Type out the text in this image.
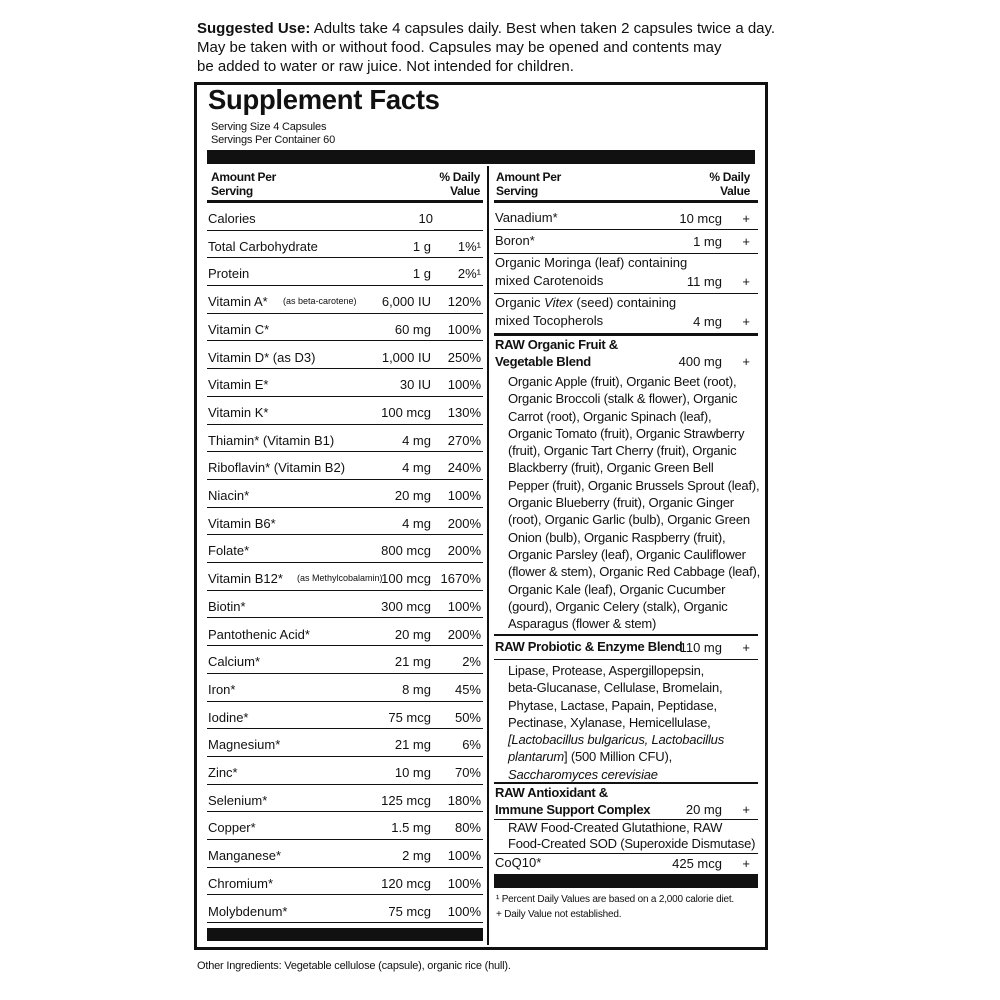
Suggested Use: Adults take 4 capsules daily. Best when taken 2 capsules twice a day.
May be taken with or without food. Capsules may be opened and contents may
be added to water or raw juice. Not intended for children.
Supplement Facts
Serving Size 4 Capsules
Servings Per Container 60
Amount Per
Serving
% Daily
Value
Calories	10
Total Carbohydrate	1 g 1%¹
Protein	1 g 2%¹
Vitamin A* (as beta-carotene) 6,000 IU 120%
Vitamin C*	60 mg 100%
Vitamin D* (as D3)	1,000 IU 250%
Vitamin E*	30 IU 100%
Vitamin K*	100 mcg 130%
Thiamin* (Vitamin B1)	4 mg 270%
Riboflavin* (Vitamin B2)	4 mg 240%
Niacin*	20 mg 100%
Vitamin B6*	4 mg 200%
Folate*	800 mcg 200%
Vitamin B12* (as Methylcobalamin)
100 mcg 1670%
Biotin*	300 mcg 100%
Pantothenic Acid*	20 mg 200%
Calcium*	21 mg 2%
Iron*	8 mg 45%
Iodine*	75 mcg 50%
Magnesium*	21 mg 6%
Zinc*	10 mg 70%
Selenium*	125 mcg 180%
Copper*	1.5 mg 80%
Manganese*	2 mg 100%
Chromium*	120 mcg 100%
Molybdenum*	75 mcg 100%
Amount Per
Serving
% Daily
Value
Vanadium*	10 mcg +
Boron*	1 mg +
Organic Moringa (leaf) containing
mixed Carotenoids	11 mg +
Organic Vitex (seed) containing
mixed Tocopherols	4 mg +
RAW Organic Fruit &
Vegetable Blend	400 mg +
Organic Apple (fruit), Organic Beet (root),
Organic Broccoli (stalk & flower), Organic
Carrot (root), Organic Spinach (leaf),
Organic Tomato (fruit), Organic Strawberry
(fruit), Organic Tart Cherry (fruit), Organic
Blackberry (fruit), Organic Green Bell
Pepper (fruit), Organic Brussels Sprout (leaf),
Organic Blueberry (fruit), Organic Ginger
(root), Organic Garlic (bulb), Organic Green
Onion (bulb), Organic Raspberry (fruit),
Organic Parsley (leaf), Organic Cauliflower
(flower & stem), Organic Red Cabbage (leaf),
Organic Kale (leaf), Organic Cucumber
(gourd), Organic Celery (stalk), Organic
Asparagus (flower & stem)
RAW Probiotic & Enzyme Blend
110 mg +
Lipase, Protease, Aspergillopepsin,
beta-Glucanase, Cellulase, Bromelain,
Phytase, Lactase, Papain, Peptidase,
Pectinase, Xylanase, Hemicellulase,
[Lactobacillus bulgaricus, Lactobacillus
plantarum] (500 Million CFU),
Saccharomyces cerevisiae
RAW Antioxidant &
Immune Support Complex	20 mg +
RAW Food-Created Glutathione, RAW
Food-Created SOD (Superoxide Dismutase)
CoQ10*	425 mcg +
¹ Percent Daily Values are based on a 2,000 calorie diet.
+ Daily Value not established.
Other Ingredients: Vegetable cellulose (capsule), organic rice (hull).
